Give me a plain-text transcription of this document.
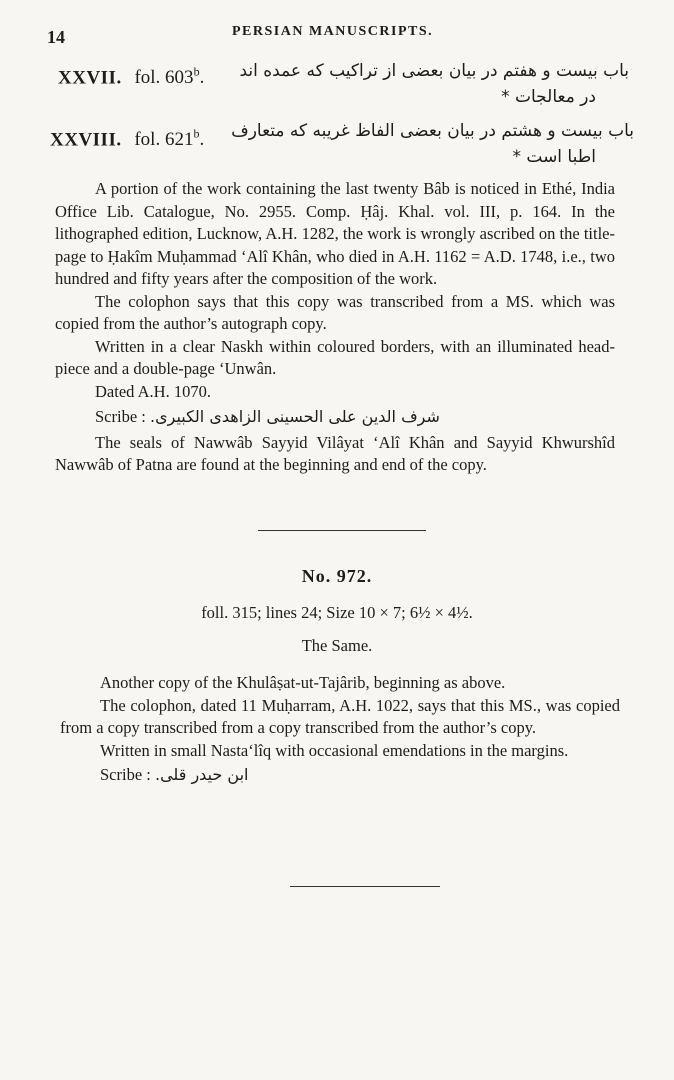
14	PERSIAN MANUSCRIPTS.
XXVII. fol. 603$^b$. باب بیست و هفتم در بیان بعضی از تراکیب که عمده اند
در معالجات *
XXVIII. fol. 621$^b$. باب بیست و هشتم در بیان بعضی الفاظ غریبه که متعارف
اطبا است *

A portion of the work containing the last twenty Bâb is noticed in Ethé, India Office Lib. Catalogue, No. 2955. Comp. Ḥâj. Khal. vol. III, p. 164. In the lithographed edition, Lucknow, A.H. 1282, the work is wrongly ascribed on the title-page to Ḥakîm Muḥammad ‘Alî Khân, who died in A.H. 1162 = A.D. 1748, i.e., two hundred and fifty years after the composition of the work.

The colophon says that this copy was transcribed from a MS. which was copied from the author’s autograph copy.

Written in a clear Naskh within coloured borders, with an illuminated head-piece and a double-page ‘Unwân.

Dated A.H. 1070.

Scribe : شرف الدین علی الحسینی الزاهدی الکبیری.

The seals of Nawwâb Sayyid Vilâyat ‘Alî Khân and Sayyid Khwurshîd Nawwâb of Patna are found at the beginning and end of the copy.

No. 972.
foll. 315; lines 24; Size 10 × 7; 6½ × 4½.
The Same.

Another copy of the Khulâṣat-ut-Tajârib, beginning as above.

The colophon, dated 11 Muḥarram, A.H. 1022, says that this MS., was copied from a copy transcribed from a copy transcribed from the author’s copy.

Written in small Nasta‘lîq with occasional emendations in the margins.

Scribe : ابن حیدر قلی.
